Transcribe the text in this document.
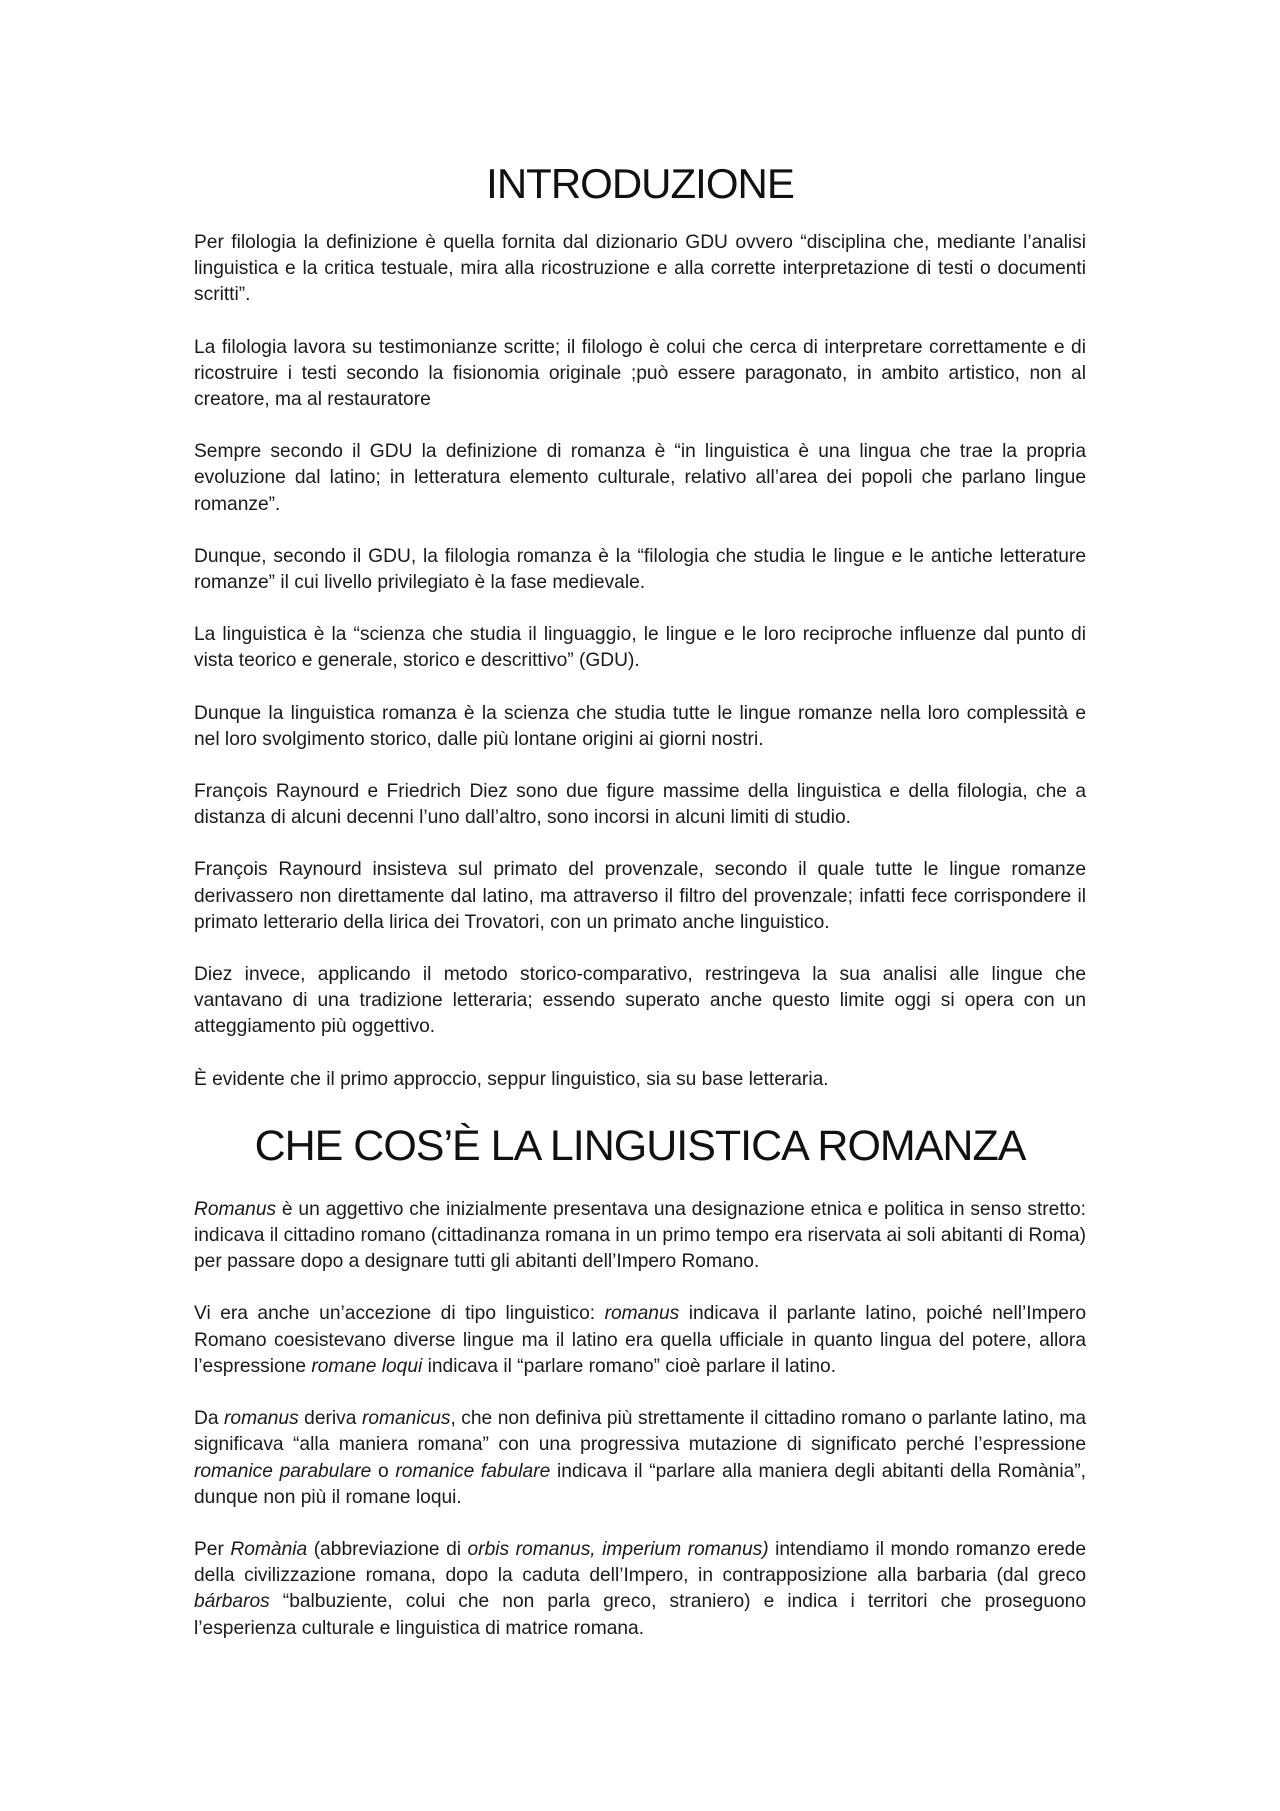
INTRODUZIONE

Per filologia la definizione è quella fornita dal dizionario GDU ovvero “disciplina che, mediante l’analisi linguistica e la critica testuale, mira alla ricostruzione e alla corrette interpretazione di testi o documenti scritti”.

La filologia lavora su testimonianze scritte; il filologo è colui che cerca di interpretare correttamente e di ricostruire i testi secondo la fisionomia originale ;può essere paragonato, in ambito artistico, non al creatore, ma al restauratore

Sempre secondo il GDU la definizione di romanza è “in linguistica è una lingua che trae la propria evoluzione dal latino; in letteratura elemento culturale, relativo all’area dei popoli che parlano lingue romanze”.

Dunque, secondo il GDU, la filologia romanza è la “filologia che studia le lingue e le antiche letterature romanze” il cui livello privilegiato è la fase medievale.

La linguistica è la “scienza che studia il linguaggio, le lingue e le loro reciproche influenze dal punto di vista teorico e generale, storico e descrittivo” (GDU).

Dunque la linguistica romanza è la scienza che studia tutte le lingue romanze nella loro complessità e nel loro svolgimento storico, dalle più lontane origini ai giorni nostri.

François Raynourd e Friedrich Diez sono due figure massime della linguistica e della filologia, che a distanza di alcuni decenni l’uno dall’altro, sono incorsi in alcuni limiti di studio.

François Raynourd insisteva sul primato del provenzale, secondo il quale tutte le lingue romanze derivassero non direttamente dal latino, ma attraverso il filtro del provenzale; infatti fece corrispondere il primato letterario della lirica dei Trovatori, con un primato anche linguistico.

Diez invece, applicando il metodo storico-comparativo, restringeva la sua analisi alle lingue che vantavano di una tradizione letteraria; essendo superato anche questo limite oggi si opera con un atteggiamento più oggettivo.

È evidente che il primo approccio, seppur linguistico, sia su base letteraria.

CHE COS’È LA LINGUISTICA ROMANZA

Romanus è un aggettivo che inizialmente presentava una designazione etnica e politica in senso stretto: indicava il cittadino romano (cittadinanza romana in un primo tempo era riservata ai soli abitanti di Roma) per passare dopo a designare tutti gli abitanti dell’Impero Romano.

Vi era anche un’accezione di tipo linguistico: romanus indicava il parlante latino, poiché nell’Impero Romano coesistevano diverse lingue ma il latino era quella ufficiale in quanto lingua del potere, allora l’espressione romane loqui indicava il “parlare romano” cioè parlare il latino.

Da romanus deriva romanicus, che non definiva più strettamente il cittadino romano o parlante latino, ma significava “alla maniera romana” con una progressiva mutazione di significato perché l’espressione romanice parabulare o romanice fabulare indicava il “parlare alla maniera degli abitanti della Romània”, dunque non più il romane loqui.

Per Romània (abbreviazione di orbis romanus, imperium romanus) intendiamo il mondo romanzo erede della civilizzazione romana, dopo la caduta dell’Impero, in contrapposizione alla barbaria (dal greco bárbaros “balbuziente, colui che non parla greco, straniero) e indica i territori che proseguono l’esperienza culturale e linguistica di matrice romana.
